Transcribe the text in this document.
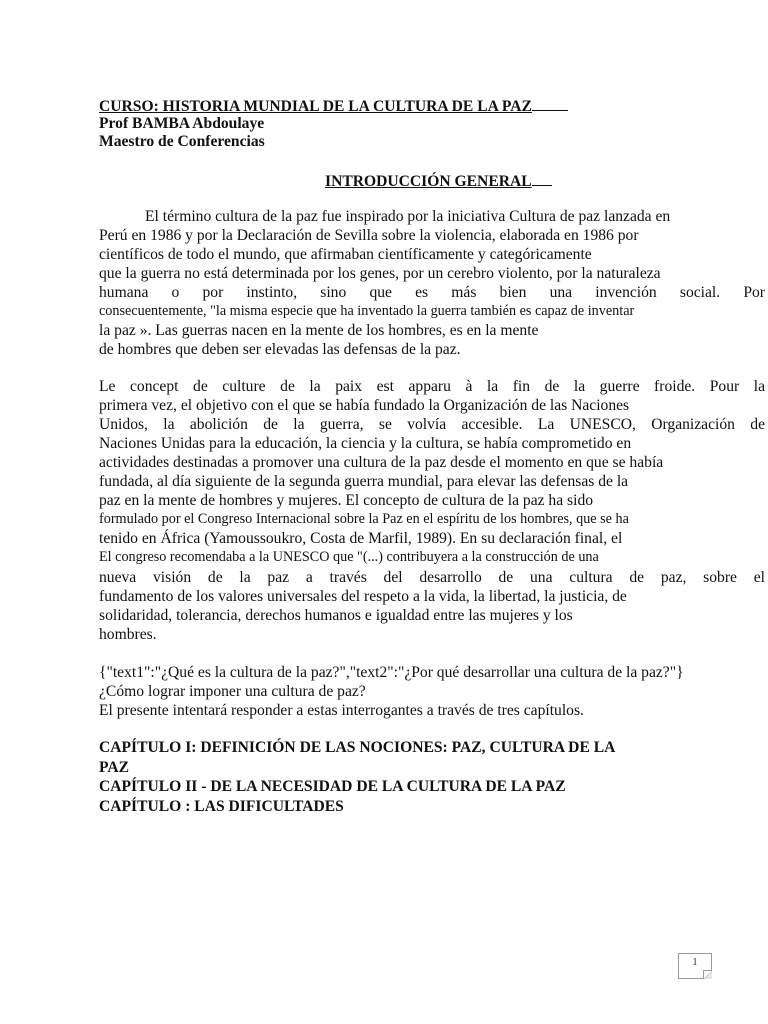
CURSO: HISTORIA MUNDIAL DE LA CULTURA DE LA PAZ
Prof BAMBA Abdoulaye
Maestro de Conferencias
INTRODUCCIÓN GENERAL
El término cultura de la paz fue inspirado por la iniciativa Cultura de paz lanzada en
Perú en 1986 y por la Declaración de Sevilla sobre la violencia, elaborada en 1986 por
científicos de todo el mundo, que afirmaban científicamente y categóricamente
que la guerra no está determinada por los genes, por un cerebro violento, por la naturaleza
humana o por instinto, sino que es más bien una invención social. Por
consecuentemente, "la misma especie que ha inventado la guerra también es capaz de inventar
la paz ». Las guerras nacen en la mente de los hombres, es en la mente
de hombres que deben ser elevadas las defensas de la paz.
Le concept de culture de la paix est apparu à la fin de la guerre froide. Pour la
primera vez, el objetivo con el que se había fundado la Organización de las Naciones
Unidos, la abolición de la guerra, se volvía accesible. La UNESCO, Organización de
Naciones Unidas para la educación, la ciencia y la cultura, se había comprometido en
actividades destinadas a promover una cultura de la paz desde el momento en que se había
fundada, al día siguiente de la segunda guerra mundial, para elevar las defensas de la
paz en la mente de hombres y mujeres. El concepto de cultura de la paz ha sido
formulado por el Congreso Internacional sobre la Paz en el espíritu de los hombres, que se ha
tenido en África (Yamoussoukro, Costa de Marfil, 1989). En su declaración final, el
El congreso recomendaba a la UNESCO que "(...) contribuyera a la construcción de una
nueva visión de la paz a través del desarrollo de una cultura de paz, sobre el
fundamento de los valores universales del respeto a la vida, la libertad, la justicia, de
solidaridad, tolerancia, derechos humanos e igualdad entre las mujeres y los
hombres.
{"text1":"¿Qué es la cultura de la paz?","text2":"¿Por qué desarrollar una cultura de la paz?"}
¿Cómo lograr imponer una cultura de paz?
El presente intentará responder a estas interrogantes a través de tres capítulos.
CAPÍTULO I: DEFINICIÓN DE LAS NOCIONES: PAZ, CULTURA DE LA
PAZ
CAPÍTULO II - DE LA NECESIDAD DE LA CULTURA DE LA PAZ
CAPÍTULO : LAS DIFICULTADES
1
